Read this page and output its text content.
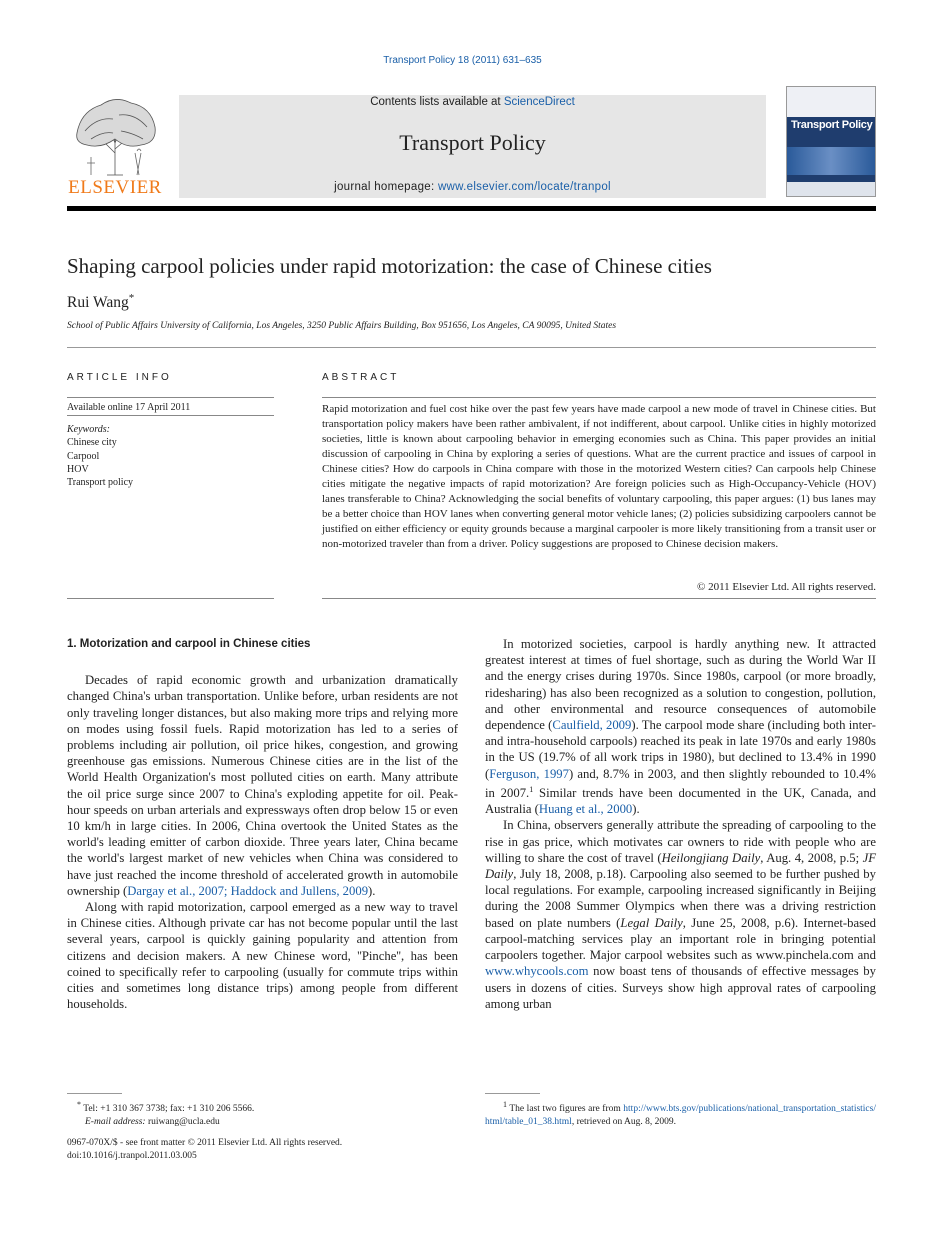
Transport Policy 18 (2011) 631–635
ELSEVIER
Contents lists available at ScienceDirect
Transport Policy
journal homepage: www.elsevier.com/locate/tranpol
Transport Policy
Shaping carpool policies under rapid motorization: the case of Chinese cities
Rui Wang*
School of Public Affairs University of California, Los Angeles, 3250 Public Affairs Building, Box 951656, Los Angeles, CA 90095, United States
ARTICLE INFO	ABSTRACT
Available online 17 April 2011
Keywords:
Chinese city
Carpool
HOV
Transport policy
Rapid motorization and fuel cost hike over the past few years have made carpool a new mode of travel in Chinese cities. But transportation policy makers have been rather ambivalent, if not indifferent, about carpool. Unlike cities in highly motorized societies, little is known about carpooling behavior in emerging economies such as China. This paper provides an initial discussion of carpooling in China by exploring a series of questions. What are the current practice and issues of carpool in Chinese cities? How do carpools in China compare with those in the motorized Western cities? Can carpools help Chinese cities mitigate the negative impacts of rapid motorization? Are foreign policies such as High-Occupancy-Vehicle (HOV) lanes transferable to China? Acknowledging the social benefits of voluntary carpooling, this paper argues: (1) bus lanes may be a better choice than HOV lanes when converting general motor vehicle lanes; (2) policies subsidizing carpoolers cannot be justified on either efficiency or equity grounds because a marginal carpooler is more likely transitioning from a transit user or non-motorized traveler than from a driver. Policy suggestions are proposed to Chinese decision makers.
© 2011 Elsevier Ltd. All rights reserved.
1. Motorization and carpool in Chinese cities

Decades of rapid economic growth and urbanization dramatically changed China's urban transportation. Unlike before, urban residents are not only traveling longer distances, but also making more trips and relying more on modes using fossil fuels. Rapid motorization has led to a series of problems including air pollution, oil price hikes, congestion, and growing greenhouse gas emissions. Numerous Chinese cities are in the list of the World Health Organization's most polluted cities on earth. Many attribute the oil price surge since 2007 to China's exploding appetite for oil. Peak-hour speeds on urban arterials and expressways often drop below 15 or even 10 km/h in large cities. In 2006, China overtook the United States as the world's leading emitter of carbon dioxide. Three years later, China became the world's largest market of new vehicles when China was considered to have just reached the income threshold of accelerated growth in automobile ownership (Dargay et al., 2007; Haddock and Jullens, 2009).

Along with rapid motorization, carpool emerged as a new way to travel in Chinese cities. Although private car has not become popular until the last several years, carpool is quickly gaining popularity and attention from citizens and decision makers. A new Chinese word, ''Pinche'', has been coined to specifically refer to carpooling (usually for commute trips within cities and sometimes long distance trips) among people from different households.

In motorized societies, carpool is hardly anything new. It attracted greatest interest at times of fuel shortage, such as during the World War II and the energy crises during 1970s. Since 1980s, carpool (or more broadly, ridesharing) has also been recognized as a solution to congestion, pollution, and other environmental and resource consequences of automobile dependence (Caulfield, 2009). The carpool mode share (including both inter- and intra-household carpools) reached its peak in late 1970s and early 1980s in the US (19.7% of all work trips in 1980), but declined to 13.4% in 1990 (Ferguson, 1997) and, 8.7% in 2003, and then slightly rebounded to 10.4% in 2007.$^1$ Similar trends have been documented in the UK, Canada, and Australia (Huang et al., 2000).

In China, observers generally attribute the spreading of carpooling to the rise in gas price, which motivates car owners to ride with people who are willing to share the cost of travel (Heilongjiang Daily, Aug. 4, 2008, p.5; JF Daily, July 18, 2008, p.18). Carpooling also seemed to be further pushed by local regulations. For example, carpooling increased significantly in Beijing during the 2008 Summer Olympics when there was a driving restriction based on plate numbers (Legal Daily, June 25, 2008, p.6). Internet-based carpool-matching services play an important role in bringing potential carpoolers together. Major carpool websites such as www.pinchela.com and www.whycools.com now boast tens of thousands of effective messages by users in dozens of cities. Surveys show high approval rates of carpooling among urban

* Tel: +1 310 367 3738; fax: +1 310 206 5566.
E-mail address: ruiwang@ucla.edu
$^1$ The last two figures are from http://www.bts.gov/publications/national_transportation_statistics/html/table_01_38.html, retrieved on Aug. 8, 2009.
0967-070X/$ - see front matter © 2011 Elsevier Ltd. All rights reserved.
doi:10.1016/j.tranpol.2011.03.005
